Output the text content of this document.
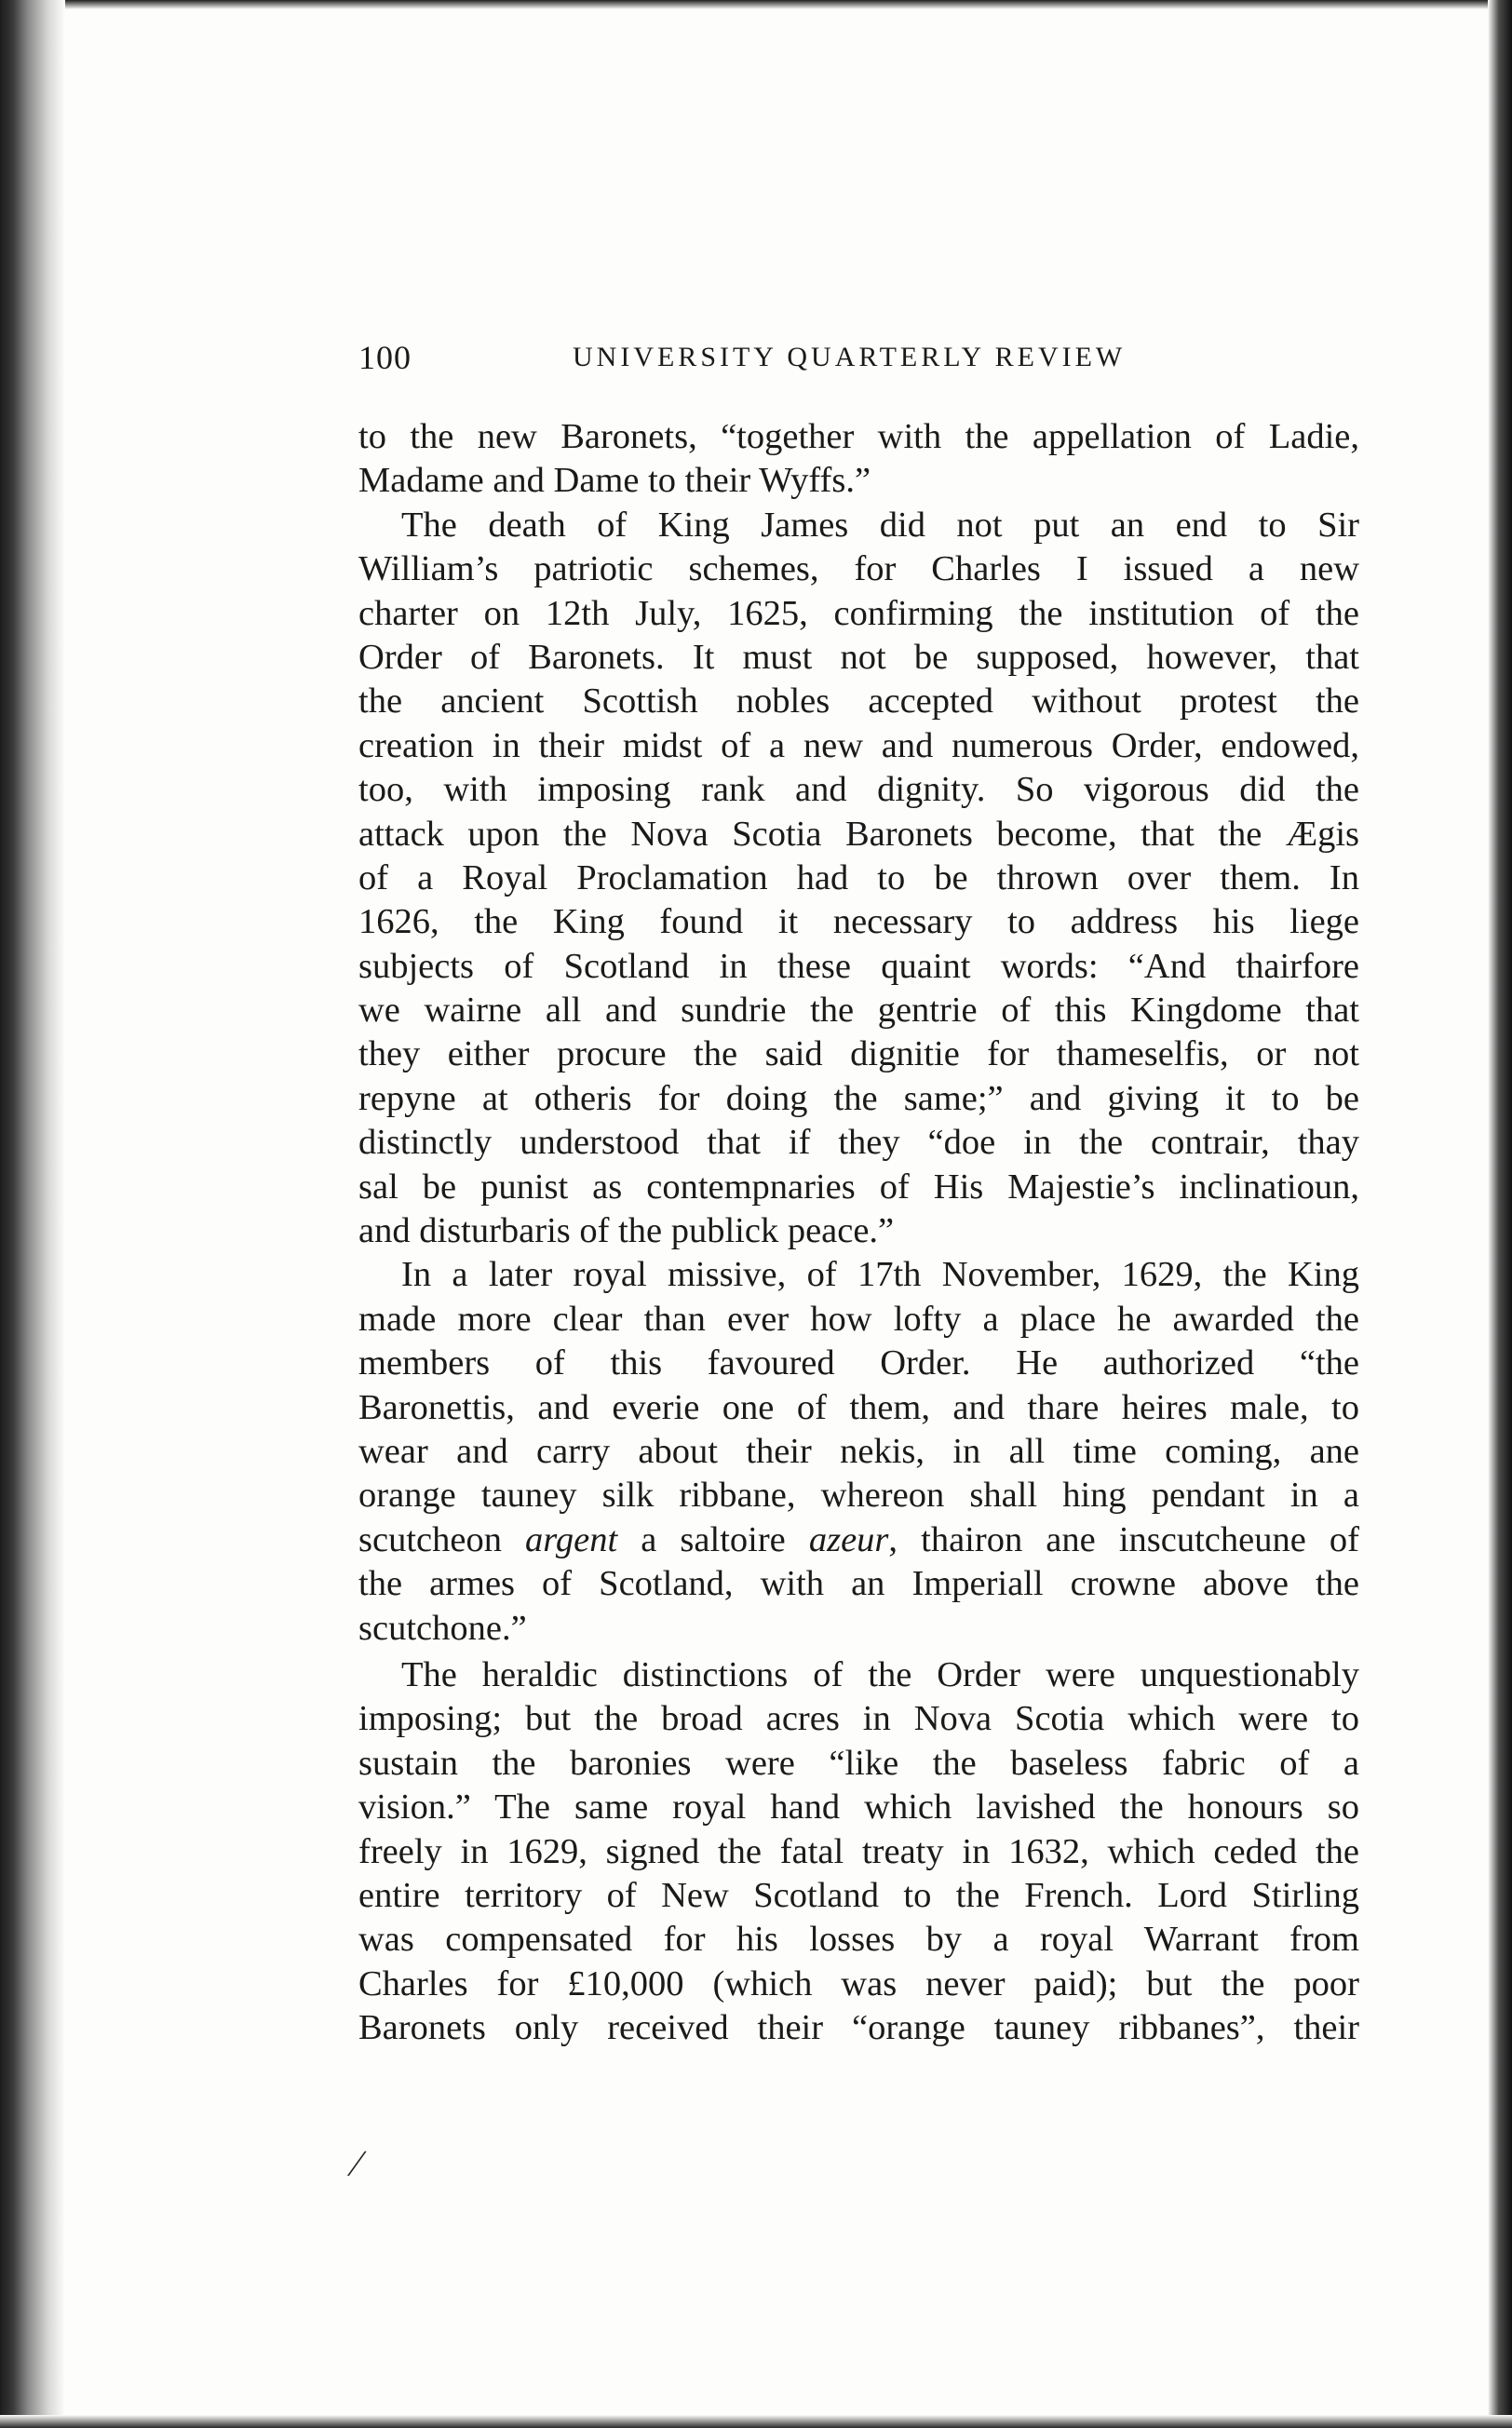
100	UNIVERSITY QUARTERLY REVIEW
to the new Baronets, “together with the appellation of Ladie,
Madame and Dame to their Wyffs.”
The death of King James did not put an end to Sir
William’s patriotic schemes, for Charles I issued a new
charter on 12th July, 1625, confirming the institution of the
Order of Baronets. It must not be supposed, however, that
the ancient Scottish nobles accepted without protest the
creation in their midst of a new and numerous Order, endowed,
too, with imposing rank and dignity. So vigorous did the
attack upon the Nova Scotia Baronets become, that the Ægis
of a Royal Proclamation had to be thrown over them. In
1626, the King found it necessary to address his liege
subjects of Scotland in these quaint words: “And thairfore
we wairne all and sundrie the gentrie of this Kingdome that
they either procure the said dignitie for thameselfis, or not
repyne at otheris for doing the same;” and giving it to be
distinctly understood that if they “doe in the contrair, thay
sal be punist as contempnaries of His Majestie’s inclinatioun,
and disturbaris of the publick peace.”
In a later royal missive, of 17th November, 1629, the King
made more clear than ever how lofty a place he awarded the
members of this favoured Order. He authorized “the
Baronettis, and everie one of them, and thare heires male, to
wear and carry about their nekis, in all time coming, ane
orange tauney silk ribbane, whereon shall hing pendant in a
scutcheon argent a saltoire azeur, thairon ane inscutcheune of
the armes of Scotland, with an Imperiall crowne above the
scutchone.”
The heraldic distinctions of the Order were unquestionably
imposing; but the broad acres in Nova Scotia which were to
sustain the baronies were “like the baseless fabric of a
vision.” The same royal hand which lavished the honours so
freely in 1629, signed the fatal treaty in 1632, which ceded the
entire territory of New Scotland to the French. Lord Stirling
was compensated for his losses by a royal Warrant from
Charles for £10,000 (which was never paid); but the poor
Baronets only received their “orange tauney ribbanes”, their
∕
